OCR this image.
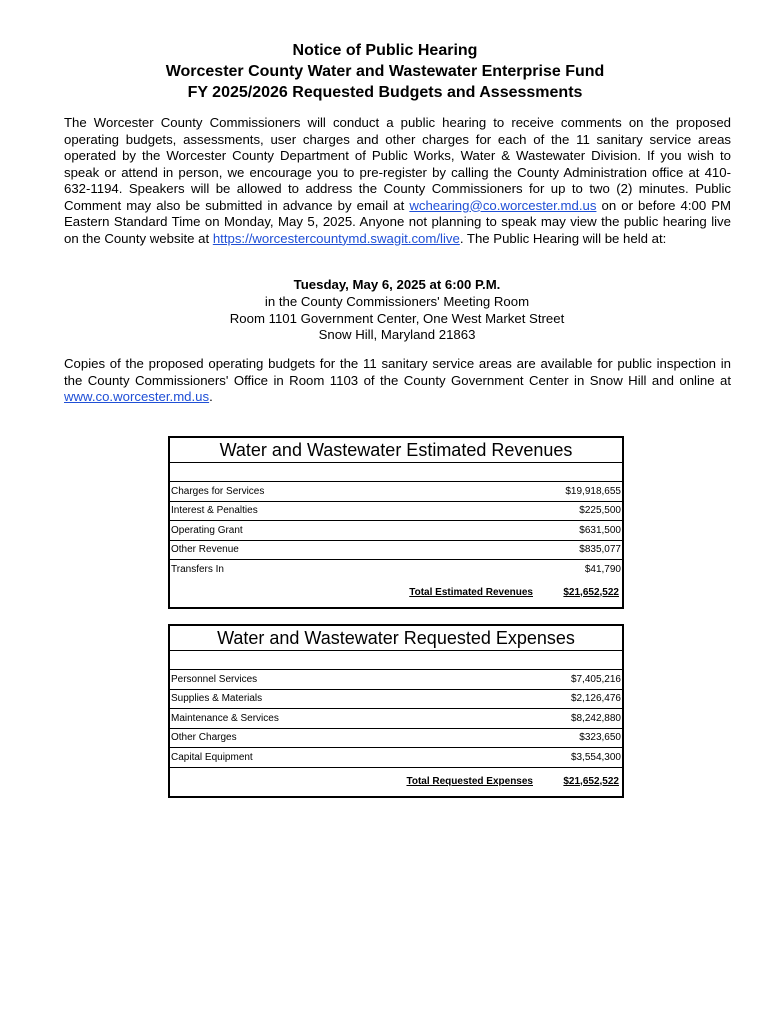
Notice of Public Hearing
Worcester County Water and Wastewater Enterprise Fund
FY 2025/2026 Requested Budgets and Assessments
The Worcester County Commissioners will conduct a public hearing to receive comments on the proposed operating budgets, assessments, user charges and other charges for each of the 11 sanitary service areas operated by the Worcester County Department of Public Works, Water & Wastewater Division. If you wish to speak or attend in person, we encourage you to pre-register by calling the County Administration office at 410-632-1194. Speakers will be allowed to address the County Commissioners for up to two (2) minutes. Public Comment may also be submitted in advance by email at wchearing@co.worcester.md.us on or before 4:00 PM Eastern Standard Time on Monday, May 5, 2025. Anyone not planning to speak may view the public hearing live on the County website at https://worcestercountymd.swagit.com/live. The Public Hearing will be held at:
Tuesday, May 6, 2025 at 6:00 P.M.
in the County Commissioners' Meeting Room
Room 1101 Government Center, One West Market Street
Snow Hill, Maryland 21863
Copies of the proposed operating budgets for the 11 sanitary service areas are available for public inspection in the County Commissioners' Office in Room 1103 of the County Government Center in Snow Hill and online at www.co.worcester.md.us.
Water and Wastewater Estimated Revenues
Charges for Services	$19,918,655
Interest & Penalties	$225,500
Operating Grant	$631,500
Other Revenue	$835,077
Transfers In	$41,790
Total Estimated Revenues	$21,652,522
Water and Wastewater Requested Expenses
Personnel Services	$7,405,216
Supplies & Materials	$2,126,476
Maintenance & Services	$8,242,880
Other Charges	$323,650
Capital Equipment	$3,554,300
Total Requested Expenses	$21,652,522
